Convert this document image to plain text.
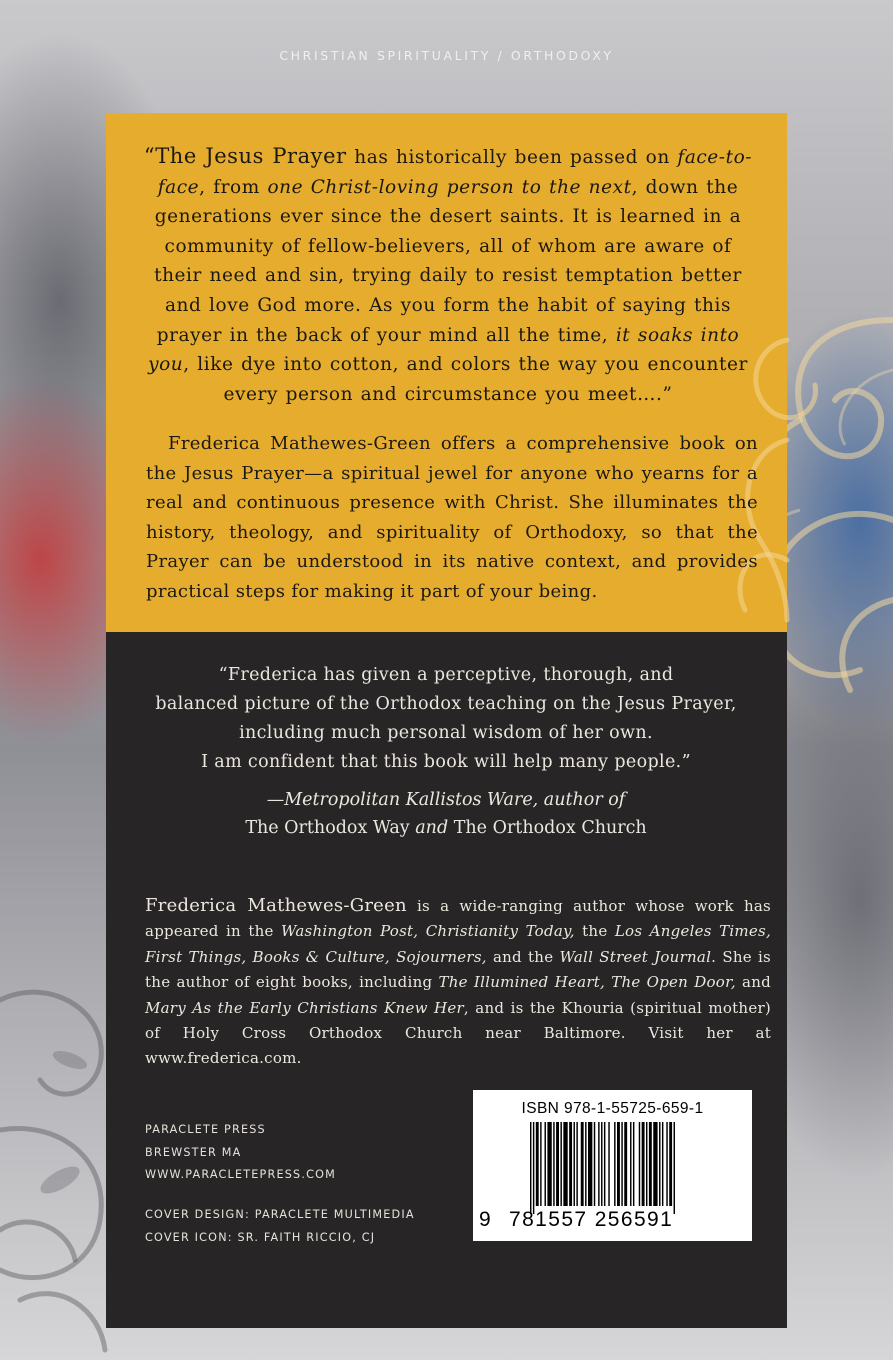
CHRISTIAN SPIRITUALITY / ORTHODOXY
“The Jesus Prayer has historically been passed on face-to-face, from one Christ-loving person to the next, down the generations ever since the desert saints. It is learned in a community of fellow-believers, all of whom are aware of their need and sin, trying daily to resist temptation better and love God more. As you form the habit of saying this prayer in the back of your mind all the time, it soaks into you, like dye into cotton, and colors the way you encounter every person and circumstance you meet….”
Frederica Mathewes-Green offers a comprehensive book on the Jesus Prayer—a spiritual jewel for anyone who yearns for a real and continuous presence with Christ. She illuminates the history, theology, and spirituality of Orthodoxy, so that the Prayer can be understood in its native context, and provides practical steps for making it part of your being.
“Frederica has given a perceptive, thorough, and
balanced picture of the Orthodox teaching on the Jesus Prayer,
including much personal wisdom of her own.
I am confident that this book will help many people.”
—Metropolitan Kallistos Ware, author of
The Orthodox Way and The Orthodox Church
Frederica Mathewes-Green is a wide-ranging author whose work has appeared in the Washington Post, Christianity Today, the Los Angeles Times, First Things, Books & Culture, Sojourners, and the Wall Street Journal. She is the author of eight books, including The Illumined Heart, The Open Door, and Mary As the Early Christians Knew Her, and is the Khouria (spiritual mother) of Holy Cross Orthodox Church near Baltimore. Visit her at www.frederica.com.
PARACLETE PRESS
BREWSTER MA
WWW.PARACLETEPRESS.COM
COVER DESIGN: PARACLETE MULTIMEDIA
COVER ICON: SR. FAITH RICCIO, CJ
ISBN 978-1-55725-659-1
9 781557 256591
